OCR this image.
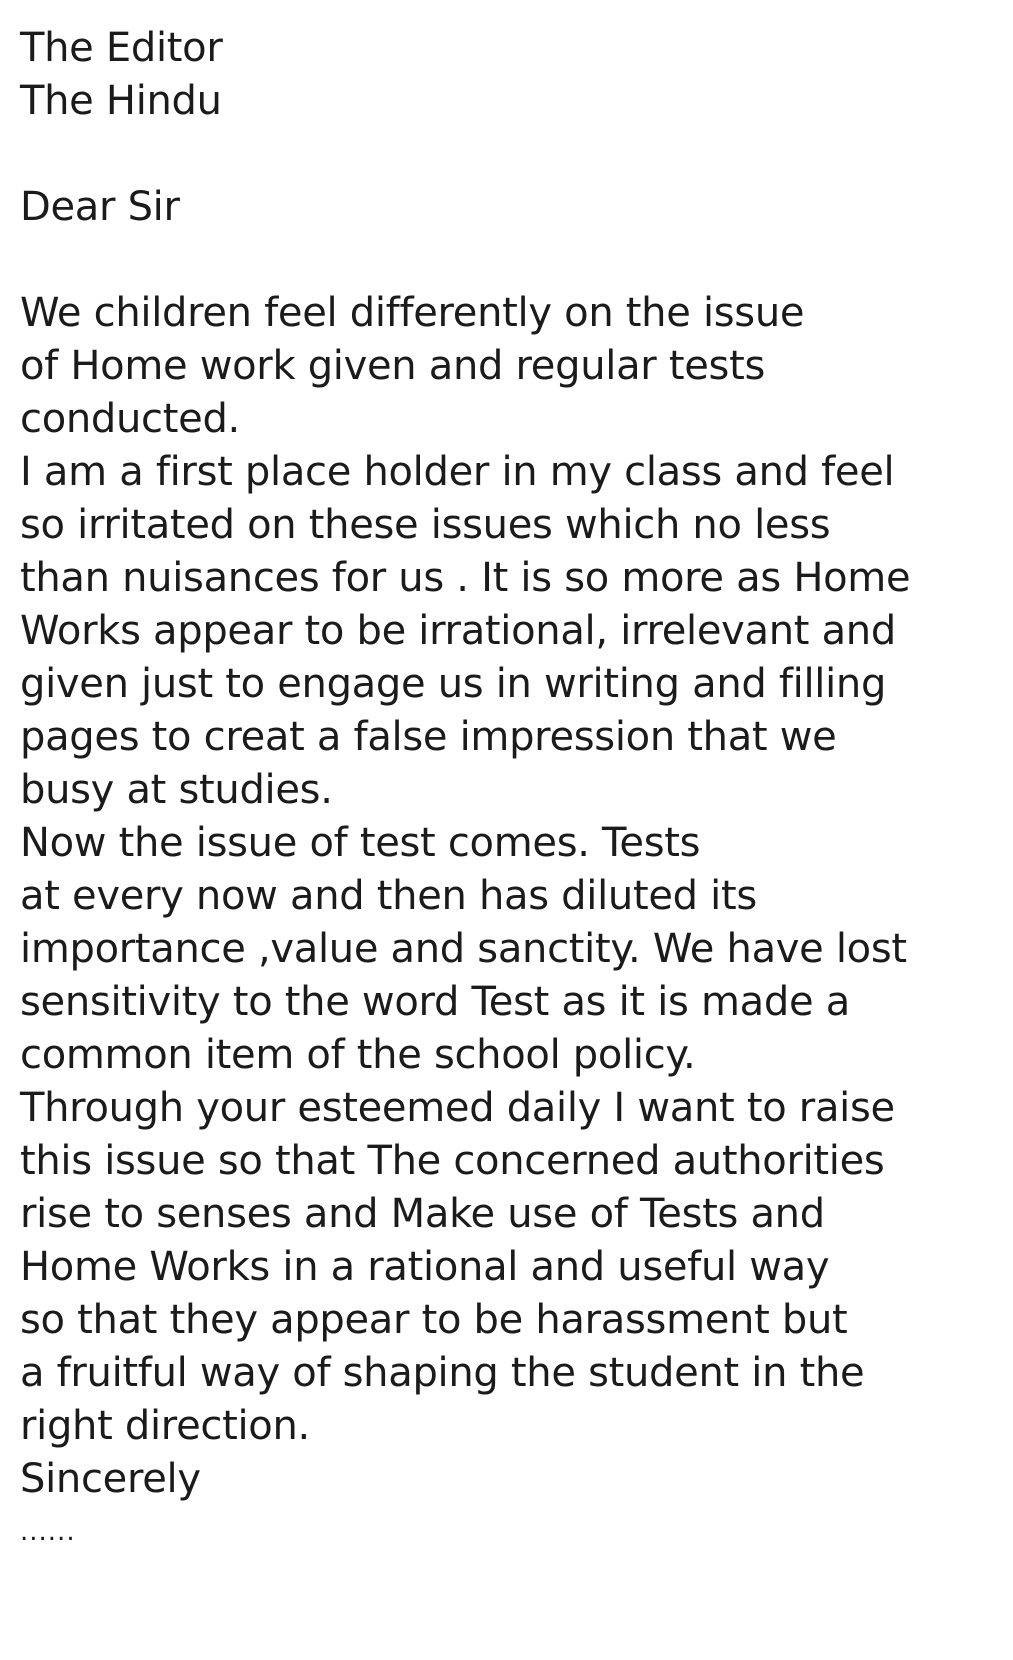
The Editor
The Hindu
Dear Sir
We children feel differently on the issue
of Home work given and regular tests
conducted.
I am a first place holder in my class and feel
so irritated on these issues which no less
than nuisances for us . It is so more as Home
Works appear to be irrational, irrelevant and
given just to engage us in writing and filling
pages to creat a false impression that we
busy at studies.
Now the issue of test comes. Tests
at every now and then has diluted its
importance ,value and sanctity. We have lost
sensitivity to the word Test as it is made a
common item of the school policy.
Through your esteemed daily I want to raise
this issue so that The concerned authorities
rise to senses and Make use of Tests and
Home Works in a rational and useful way
so that they appear to be harassment but
a fruitful way of shaping the student in the
right direction.
Sincerely
......
